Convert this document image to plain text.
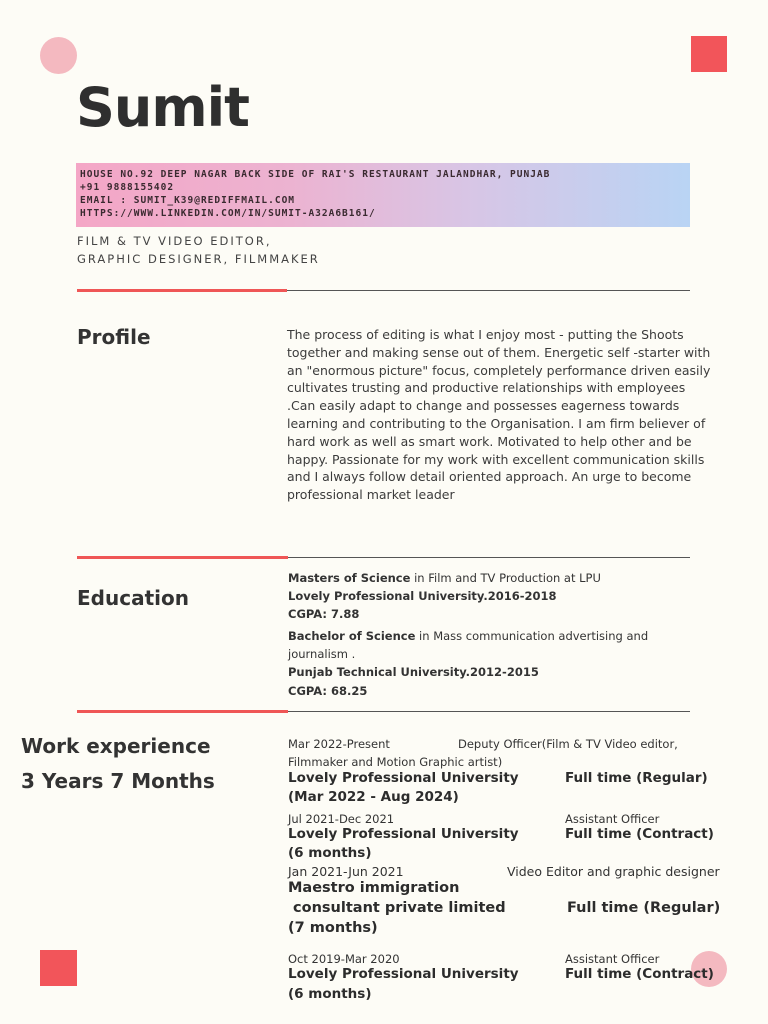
Sumit
HOUSE NO.92 DEEP NAGAR BACK SIDE OF RAI'S RESTAURANT JALANDHAR, PUNJAB
+91 9888155402
EMAIL : SUMIT_K39@REDIFFMAIL.COM
HTTPS://WWW.LINKEDIN.COM/IN/SUMIT-A32A6B161/
FILM & TV VIDEO EDITOR,
GRAPHIC DESIGNER, FILMMAKER
Profile	The process of editing is what I enjoy most - putting the Shoots together and making sense out of them. Energetic self -starter with an "enormous picture" focus, completely performance driven easily cultivates trusting and productive relationships with employees .Can easily adapt to change and possesses eagerness towards learning and contributing to the Organisation. I am firm believer of hard work as well as smart work. Motivated to help other and be happy. Passionate for my work with excellent communication skills and I always follow detail oriented approach. An urge to become professional market leader

Education
Masters of Science in Film and TV Production at LPU
Lovely Professional University.2016-2018
CGPA: 7.88
Bachelor of Science in Mass communication advertising and
journalism .
Punjab Technical University.2012-2015
CGPA: 68.25
Work experience
3 Years 7 Months
Mar 2022-Present	Deputy Officer(Film & TV Video editor,
Filmmaker and Motion Graphic artist)
Lovely Professional University	Full time (Regular)
(Mar 2022 - Aug 2024)
Jul 2021-Dec 2021	Assistant Officer
Lovely Professional University	Full time (Contract)
(6 months)
Jan 2021-Jun 2021	Video Editor and graphic designer
Maestro immigration
consultant private limited	Full time (Regular)
(7 months)
Oct 2019-Mar 2020	Assistant Officer
Lovely Professional University	Full time (Contract)
(6 months)
